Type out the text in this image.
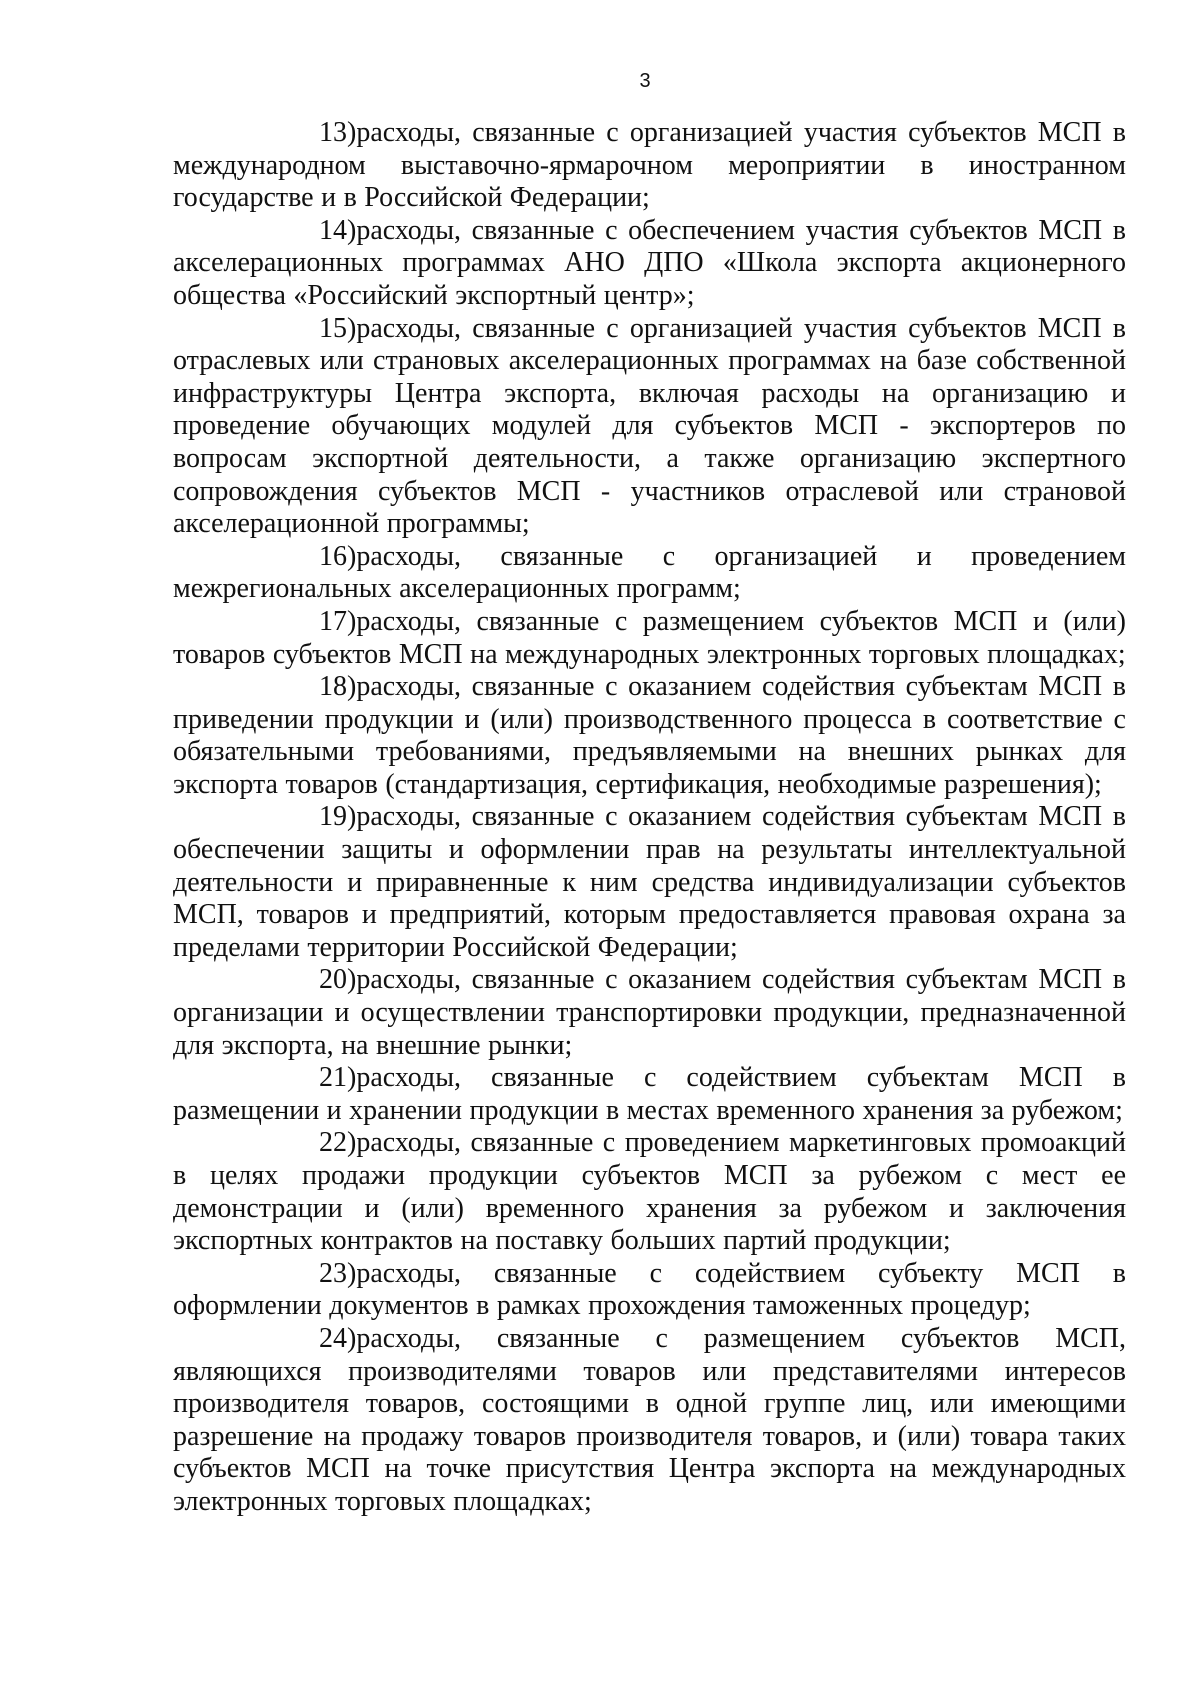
3

13)расходы, связанные с организацией участия субъектов МСП в международном выставочно-ярмарочном мероприятии в иностранном государстве и в Российской Федерации;

14)расходы, связанные с обеспечением участия субъектов МСП в акселерационных программах АНО ДПО «Школа экспорта акционерного общества «Российский экспортный центр»;

15)расходы, связанные с организацией участия субъектов МСП в отраслевых или страновых акселерационных программах на базе собственной инфраструктуры Центра экспорта, включая расходы на организацию и проведение обучающих модулей для субъектов МСП - экспортеров по вопросам экспортной деятельности, а также организацию экспертного сопровождения субъектов МСП - участников отраслевой или страновой акселерационной программы;

16)расходы, связанные с организацией и проведением межрегиональных акселерационных программ;

17)расходы, связанные с размещением субъектов МСП и (или) товаров субъектов МСП на международных электронных торговых площадках;

18)расходы, связанные с оказанием содействия субъектам МСП в приведении продукции и (или) производственного процесса в соответствие с обязательными требованиями, предъявляемыми на внешних рынках для экспорта товаров (стандартизация, сертификация, необходимые разрешения);

19)расходы, связанные с оказанием содействия субъектам МСП в обеспечении защиты и оформлении прав на результаты интеллектуальной деятельности и приравненные к ним средства индивидуализации субъектов МСП, товаров и предприятий, которым предоставляется правовая охрана за пределами территории Российской Федерации;

20)расходы, связанные с оказанием содействия субъектам МСП в организации и осуществлении транспортировки продукции, предназначенной для экспорта, на внешние рынки;

21)расходы, связанные с содействием субъектам МСП в размещении и хранении продукции в местах временного хранения за рубежом;

22)расходы, связанные с проведением маркетинговых промоакций в целях продажи продукции субъектов МСП за рубежом с мест ее демонстрации и (или) временного хранения за рубежом и заключения экспортных контрактов на поставку больших партий продукции;

23)расходы, связанные с содействием субъекту МСП в оформлении документов в рамках прохождения таможенных процедур;

24)расходы, связанные с размещением субъектов МСП, являющихся производителями товаров или представителями интересов производителя товаров, состоящими в одной группе лиц, или имеющими разрешение на продажу товаров производителя товаров, и (или) товара таких субъектов МСП на точке присутствия Центра экспорта на международных электронных торговых площадках;
